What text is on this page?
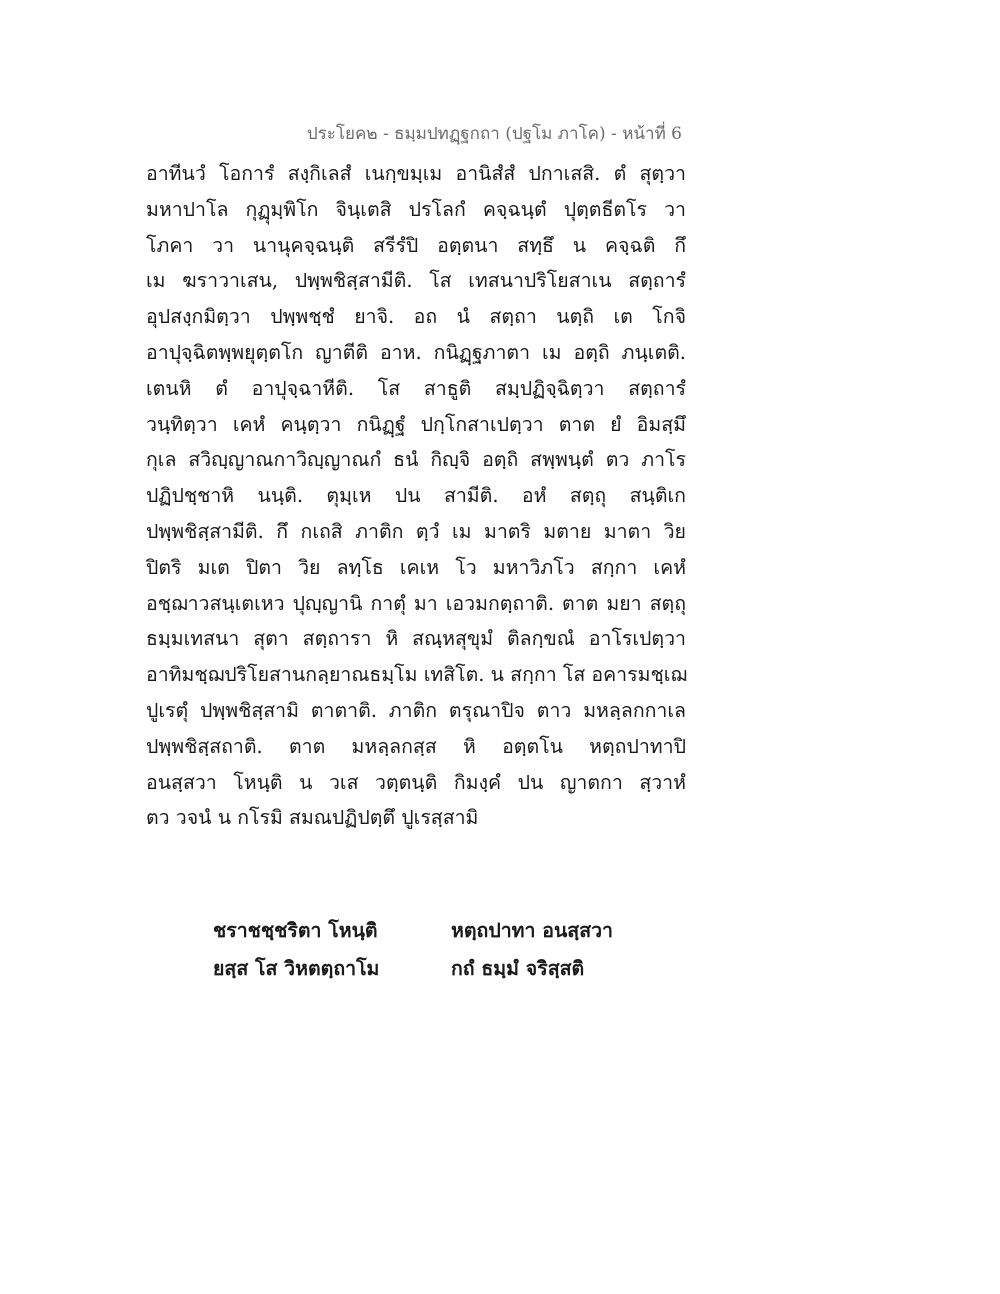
ประโยค๒ - ธมฺมปทฏฺฐกถา (ปฐโม ภาโค) - หน้าที่ 6
อาทีนวํ โอการํ สงฺกิเลสํ เนกฺขมฺเม อานิสํสํ ปกาเสสิ. ตํ สุตฺวา
มหาปาโล กุฏุมฺพิโก จินฺเตสิ ปรโลกํ คจฺฉนฺตํ ปุตฺตธีตโร วา
โภคา วา นานุคจฺฉนฺติ สรีรํปิ อตฺตนา สทฺธึ น คจฺฉติ กึ
เม ฆราวาเสน, ปพฺพชิสฺสามีติ. โส เทสนาปริโยสาเน สตฺถารํ
อุปสงฺกมิตฺวา ปพฺพชฺชํ ยาจิ. อถ นํ สตฺถา นตฺถิ เต โกจิ
อาปุจฺฉิตพฺพยุตฺตโก ญาตีติ อาห. กนิฏฺฐภาตา เม อตฺถิ ภนฺเตติ.
เตนหิ ตํ อาปุจฺฉาหีติ. โส สาธูติ สมฺปฏิจฺฉิตฺวา สตฺถารํ
วนฺทิตฺวา เคหํ คนฺตฺวา กนิฏฺฐํ ปกฺโกสาเปตฺวา ตาต ยํ อิมสฺมึ
กุเล สวิญฺญาณกาวิญฺญาณกํ ธนํ กิญฺจิ อตฺถิ สพฺพนฺตํ ตว ภาโร
ปฏิปชฺชาหิ นนฺติ. ตุมฺเห ปน สามีติ. อหํ สตฺถุ สนฺติเก
ปพฺพชิสฺสามีติ. กึ กเถสิ ภาติก ตฺวํ เม มาตริ มตาย มาตา วิย
ปิตริ มเต ปิตา วิย ลทฺโธ เคเห โว มหาวิภโว สกฺกา เคหํ
อชฺฌาวสนฺเตเหว ปุญฺญานิ กาตุํ มา เอวมกตฺถาติ. ตาต มยา สตฺถุ
ธมฺมเทสนา สุตา สตฺถารา หิ สณฺหสุขุมํ ติลกฺขณํ อาโรเปตฺวา
อาทิมชฺฌปริโยสานกลฺยาณธมฺโม เทสิโต. น สกฺกา โส อคารมชฺเฌ
ปูเรตุํ ปพฺพชิสฺสามิ ตาตาติ. ภาติก ตรุณาปิจ ตาว มหลฺลกกาเล
ปพฺพชิสฺสถาติ. ตาต มหลฺลกสฺส หิ อตฺตโน หตฺถปาทาปิ
อนสฺสวา โหนฺติ น วเส วตฺตนฺติ กิมงฺคํ ปน ญาตกา สฺวาหํ
ตว วจนํ น กโรมิ สมณปฏิปตฺตึ ปูเรสฺสามิ
ชราชชฺชริตา โหนฺติ	หตฺถปาทา อนสฺสวา
ยสฺส โส วิหตตฺถาโม	กถํ ธมฺมํ จริสฺสติ
